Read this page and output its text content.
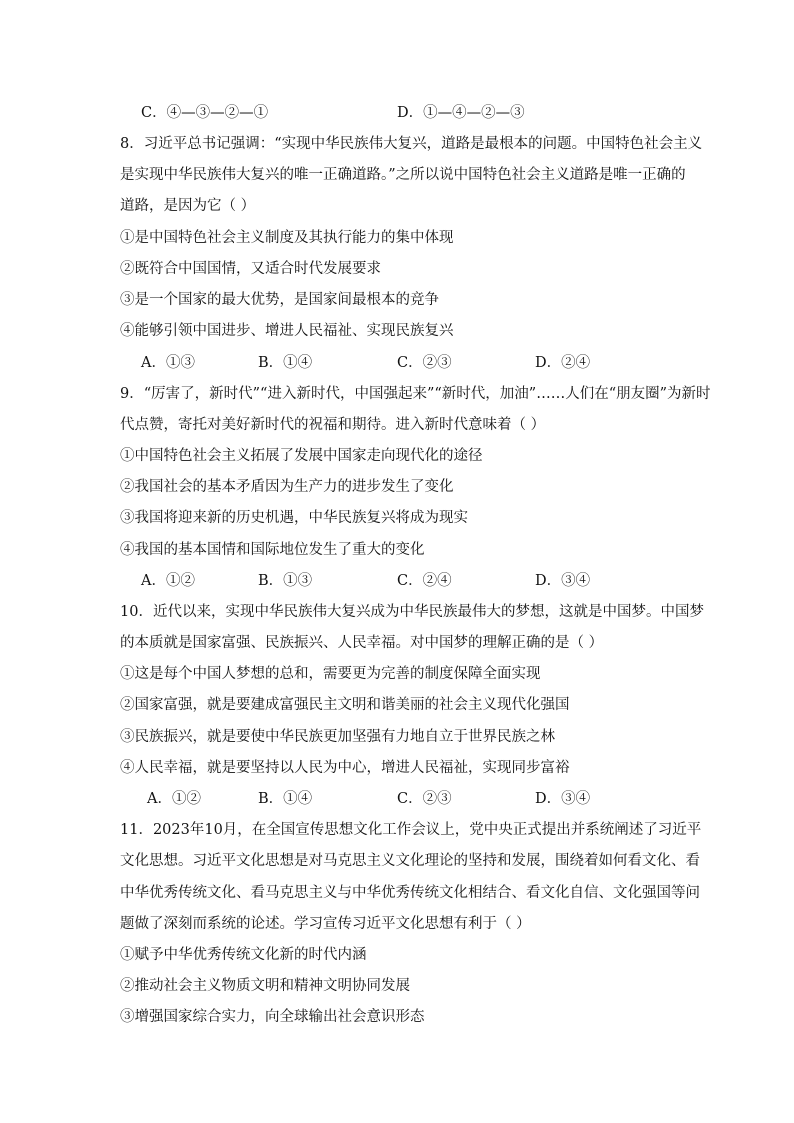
C．④—③—②—①	D．①—④—②—③
8．习近平总书记强调：“实现中华民族伟大复兴，道路是最根本的问题。中国特色社会主义
是实现中华民族伟大复兴的唯一正确道路。”之所以说中国特色社会主义道路是唯一正确的
道路，是因为它（ ）
①是中国特色社会主义制度及其执行能力的集中体现
②既符合中国国情，又适合时代发展要求
③是一个国家的最大优势，是国家间最根本的竞争
④能够引领中国进步、增进人民福祉、实现民族复兴
A．①③	B．①④	C．②③	D．②④
9．“厉害了，新时代”“进入新时代，中国强起来”“新时代，加油”……人们在“朋友圈”为新时
代点赞，寄托对美好新时代的祝福和期待。进入新时代意味着（ ）
①中国特色社会主义拓展了发展中国家走向现代化的途径
②我国社会的基本矛盾因为生产力的进步发生了变化
③我国将迎来新的历史机遇，中华民族复兴将成为现实
④我国的基本国情和国际地位发生了重大的变化
A．①②	B．①③	C．②④	D．③④
10．近代以来，实现中华民族伟大复兴成为中华民族最伟大的梦想，这就是中国梦。中国梦
的本质就是国家富强、民族振兴、人民幸福。对中国梦的理解正确的是（ ）
①这是每个中国人梦想的总和，需要更为完善的制度保障全面实现
②国家富强，就是要建成富强民主文明和谐美丽的社会主义现代化强国
③民族振兴，就是要使中华民族更加坚强有力地自立于世界民族之林
④人民幸福，就是要坚持以人民为中心，增进人民福祉，实现同步富裕
A．①②	B．①④	C．②③	D．③④
11．2023年10月，在全国宣传思想文化工作会议上，党中央正式提出并系统阐述了习近平
文化思想。习近平文化思想是对马克思主义文化理论的坚持和发展，围绕着如何看文化、看
中华优秀传统文化、看马克思主义与中华优秀传统文化相结合、看文化自信、文化强国等问
题做了深刻而系统的论述。学习宣传习近平文化思想有利于（ ）
①赋予中华优秀传统文化新的时代内涵
②推动社会主义物质文明和精神文明协同发展
③增强国家综合实力，向全球输出社会意识形态
